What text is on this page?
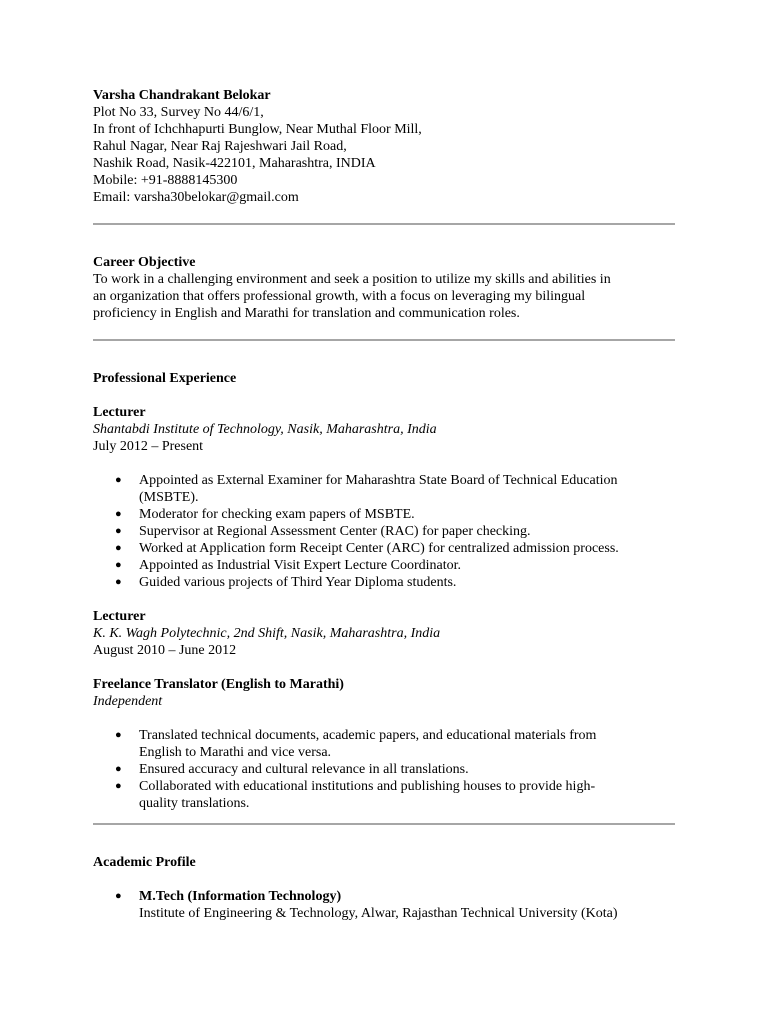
Varsha Chandrakant Belokar
Plot No 33, Survey No 44/6/1,
In front of Ichchhapurti Bunglow, Near Muthal Floor Mill,
Rahul Nagar, Near Raj Rajeshwari Jail Road,
Nashik Road, Nasik-422101, Maharashtra, INDIA
Mobile: +91-8888145300
Email: varsha30belokar@gmail.com
Career Objective
To work in a challenging environment and seek a position to utilize my skills and abilities in
an organization that offers professional growth, with a focus on leveraging my bilingual
proficiency in English and Marathi for translation and communication roles.
Professional Experience
Lecturer
Shantabdi Institute of Technology, Nasik, Maharashtra, India
July 2012 – Present
● Appointed as External Examiner for Maharashtra State Board of Technical Education
(MSBTE).
● Moderator for checking exam papers of MSBTE.
● Supervisor at Regional Assessment Center (RAC) for paper checking.
● Worked at Application form Receipt Center (ARC) for centralized admission process.
● Appointed as Industrial Visit Expert Lecture Coordinator.
● Guided various projects of Third Year Diploma students.
Lecturer
K. K. Wagh Polytechnic, 2nd Shift, Nasik, Maharashtra, India
August 2010 – June 2012
Freelance Translator (English to Marathi)
Independent
● Translated technical documents, academic papers, and educational materials from
English to Marathi and vice versa.
● Ensured accuracy and cultural relevance in all translations.
● Collaborated with educational institutions and publishing houses to provide high-
quality translations.
Academic Profile
● M.Tech (Information Technology)
Institute of Engineering & Technology, Alwar, Rajasthan Technical University (Kota)
